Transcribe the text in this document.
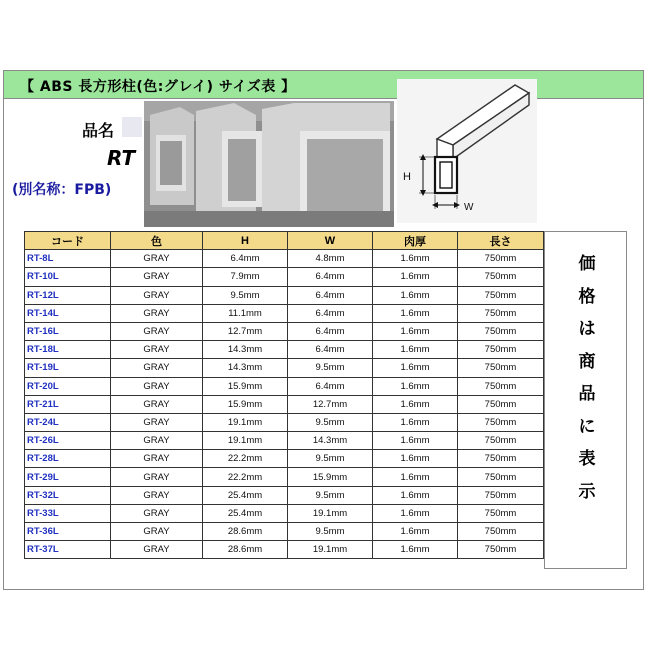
【 ABS 長方形柱(色:グレイ) サイズ表 】
品名
RT
(別名称：FPB)
H
W
コード	色	H	W	肉厚	長さ
RT-8L	GRAY	6.4mm	4.8mm	1.6mm	750mm
RT-10L	GRAY	7.9mm	6.4mm	1.6mm	750mm
RT-12L	GRAY	9.5mm	6.4mm	1.6mm	750mm
RT-14L	GRAY	11.1mm	6.4mm	1.6mm	750mm
RT-16L	GRAY	12.7mm	6.4mm	1.6mm	750mm
RT-18L	GRAY	14.3mm	6.4mm	1.6mm	750mm
RT-19L	GRAY	14.3mm	9.5mm	1.6mm	750mm
RT-20L	GRAY	15.9mm	6.4mm	1.6mm	750mm
RT-21L	GRAY	15.9mm	12.7mm	1.6mm	750mm
RT-24L	GRAY	19.1mm	9.5mm	1.6mm	750mm
RT-26L	GRAY	19.1mm	14.3mm	1.6mm	750mm
RT-28L	GRAY	22.2mm	9.5mm	1.6mm	750mm
RT-29L	GRAY	22.2mm	15.9mm	1.6mm	750mm
RT-32L	GRAY	25.4mm	9.5mm	1.6mm	750mm
RT-33L	GRAY	25.4mm	19.1mm	1.6mm	750mm
RT-36L	GRAY	28.6mm	9.5mm	1.6mm	750mm
RT-37L	GRAY	28.6mm	19.1mm	1.6mm	750mm
価
格
は
商
品
に
表
示
